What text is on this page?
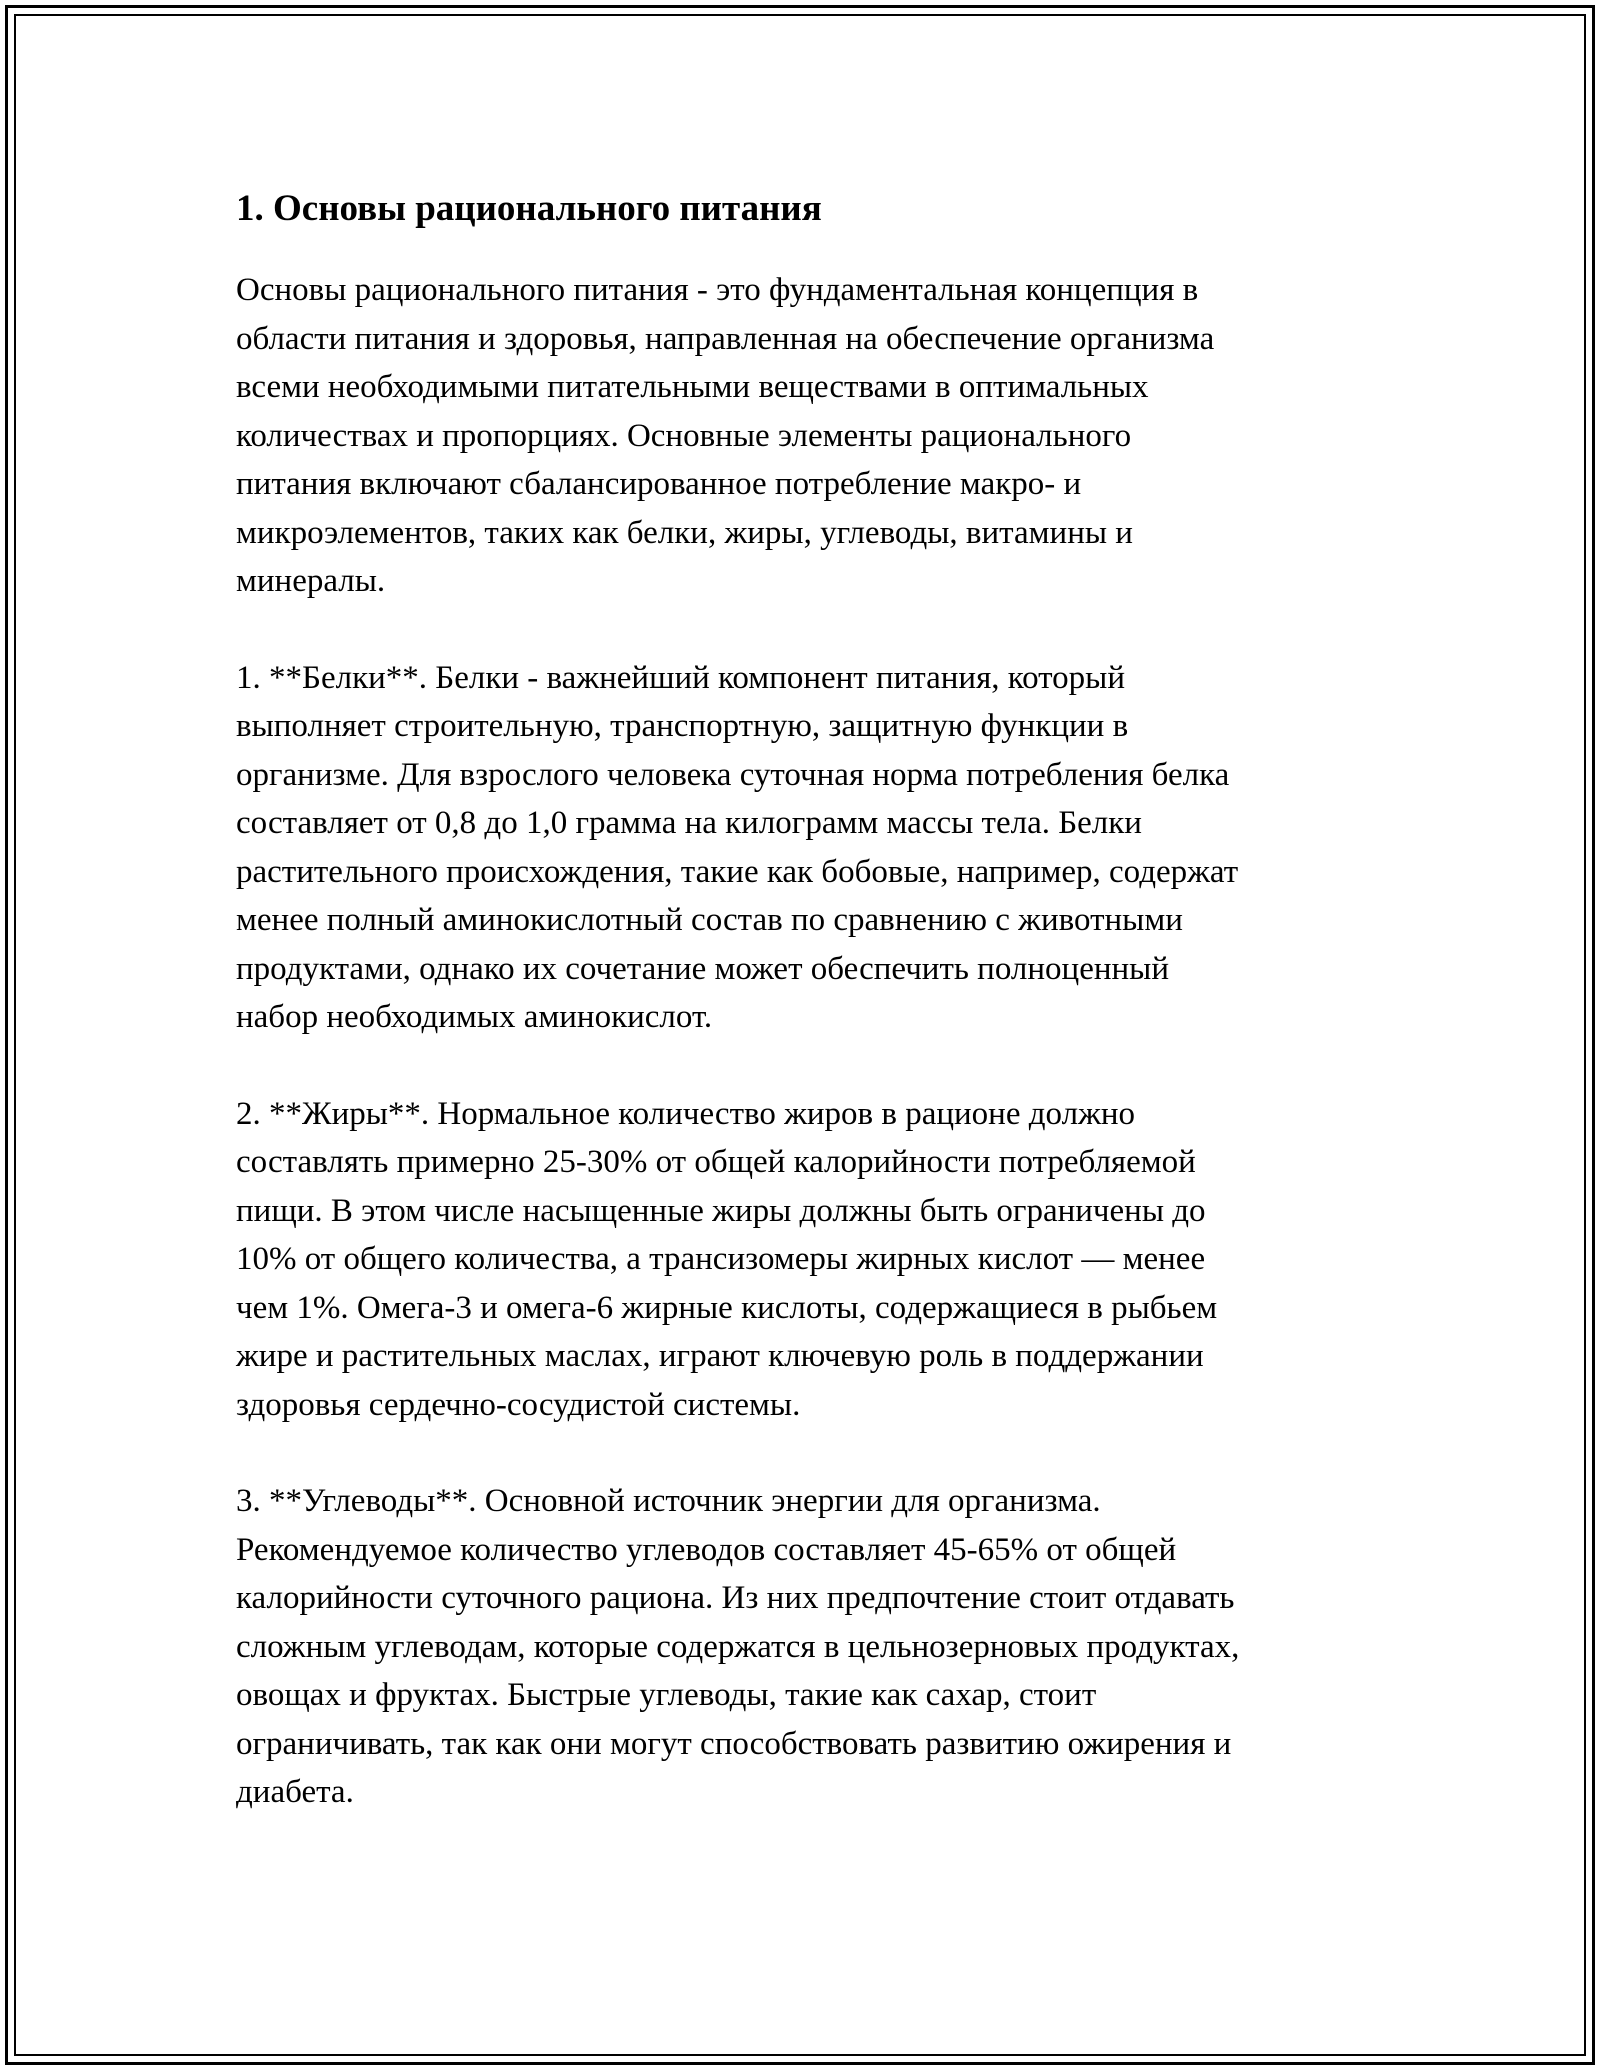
1. Основы рационального питания

Основы рационального питания - это фундаментальная концепция в
области питания и здоровья, направленная на обеспечение организма
всеми необходимыми питательными веществами в оптимальных
количествах и пропорциях. Основные элементы рационального
питания включают сбалансированное потребление макро- и
микроэлементов, таких как белки, жиры, углеводы, витамины и
минералы.

1. **Белки**. Белки - важнейший компонент питания, который
выполняет строительную, транспортную, защитную функции в
организме. Для взрослого человека суточная норма потребления белка
составляет от 0,8 до 1,0 грамма на килограмм массы тела. Белки
растительного происхождения, такие как бобовые, например, содержат
менее полный аминокислотный состав по сравнению с животными
продуктами, однако их сочетание может обеспечить полноценный
набор необходимых аминокислот.

2. **Жиры**. Нормальное количество жиров в рационе должно
составлять примерно 25-30% от общей калорийности потребляемой
пищи. В этом числе насыщенные жиры должны быть ограничены до
10% от общего количества, а трансизомеры жирных кислот — менее
чем 1%. Омега-3 и омега-6 жирные кислоты, содержащиеся в рыбьем
жире и растительных маслах, играют ключевую роль в поддержании
здоровья сердечно-сосудистой системы.

3. **Углеводы**. Основной источник энергии для организма.
Рекомендуемое количество углеводов составляет 45-65% от общей
калорийности суточного рациона. Из них предпочтение стоит отдавать
сложным углеводам, которые содержатся в цельнозерновых продуктах,
овощах и фруктах. Быстрые углеводы, такие как сахар, стоит
ограничивать, так как они могут способствовать развитию ожирения и
диабета.
